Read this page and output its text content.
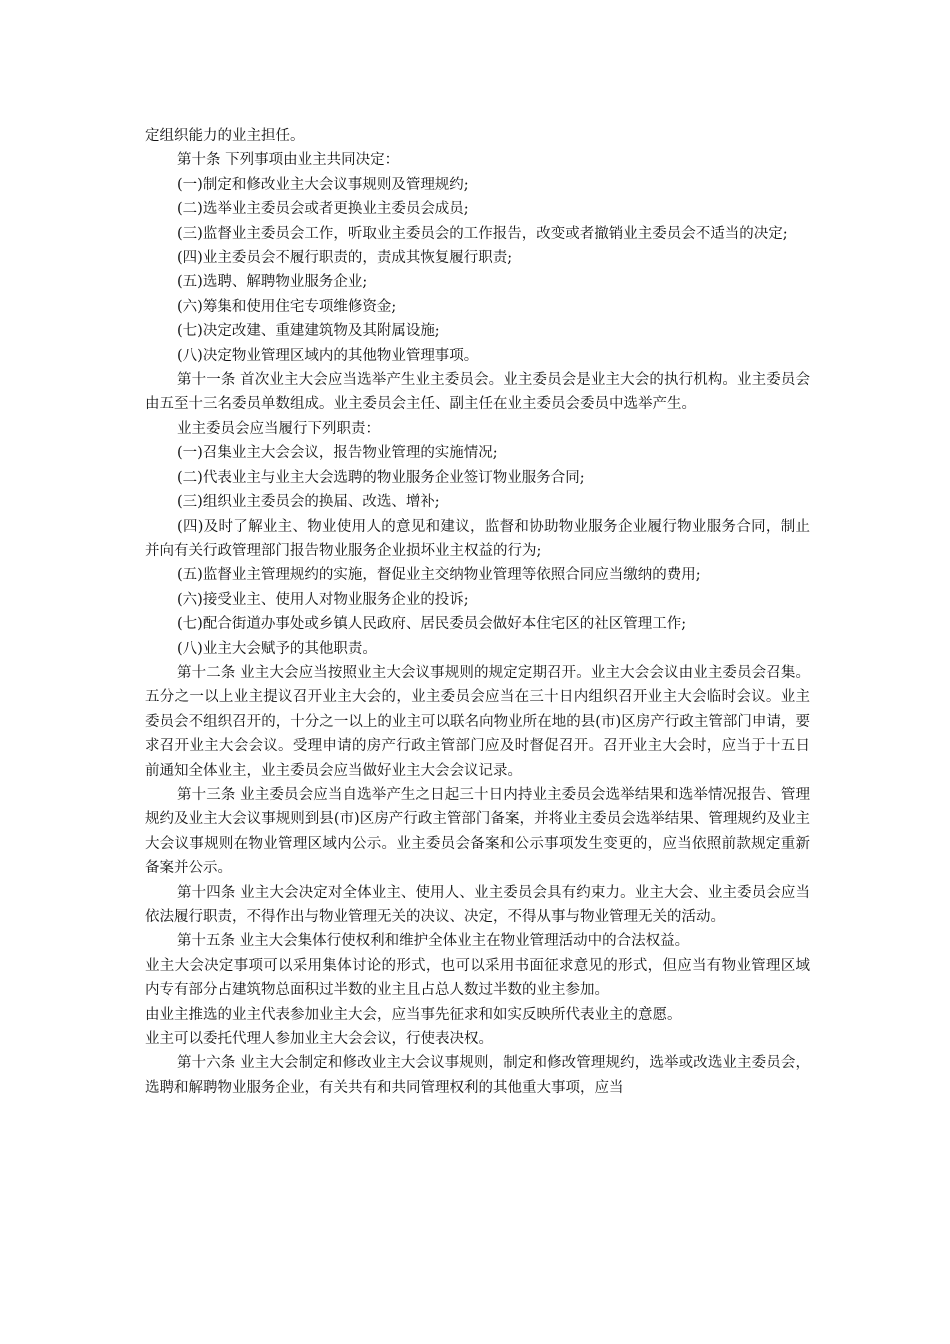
定组织能力的业主担任。

第十条 下列事项由业主共同决定：

(一)制定和修改业主大会议事规则及管理规约;

(二)选举业主委员会或者更换业主委员会成员;

(三)监督业主委员会工作，听取业主委员会的工作报告，改变或者撤销业主委员会不适当的决定;

(四)业主委员会不履行职责的，责成其恢复履行职责;

(五)选聘、解聘物业服务企业;

(六)筹集和使用住宅专项维修资金;

(七)决定改建、重建建筑物及其附属设施;

(八)决定物业管理区域内的其他物业管理事项。

第十一条 首次业主大会应当选举产生业主委员会。业主委员会是业主大会的执行机构。业主委员会由五至十三名委员单数组成。业主委员会主任、副主任在业主委员会委员中选举产生。

业主委员会应当履行下列职责：

(一)召集业主大会会议，报告物业管理的实施情况;

(二)代表业主与业主大会选聘的物业服务企业签订物业服务合同;

(三)组织业主委员会的换届、改选、增补;

(四)及时了解业主、物业使用人的意见和建议，监督和协助物业服务企业履行物业服务合同，制止并向有关行政管理部门报告物业服务企业损坏业主权益的行为;

(五)监督业主管理规约的实施，督促业主交纳物业管理等依照合同应当缴纳的费用;

(六)接受业主、使用人对物业服务企业的投诉;

(七)配合街道办事处或乡镇人民政府、居民委员会做好本住宅区的社区管理工作;

(八)业主大会赋予的其他职责。

第十二条 业主大会应当按照业主大会议事规则的规定定期召开。业主大会会议由业主委员会召集。五分之一以上业主提议召开业主大会的，业主委员会应当在三十日内组织召开业主大会临时会议。业主委员会不组织召开的，十分之一以上的业主可以联名向物业所在地的县(市)区房产行政主管部门申请，要求召开业主大会会议。受理申请的房产行政主管部门应及时督促召开。召开业主大会时，应当于十五日前通知全体业主，业主委员会应当做好业主大会会议记录。

第十三条 业主委员会应当自选举产生之日起三十日内持业主委员会选举结果和选举情况报告、管理规约及业主大会议事规则到县(市)区房产行政主管部门备案，并将业主委员会选举结果、管理规约及业主大会议事规则在物业管理区域内公示。业主委员会备案和公示事项发生变更的，应当依照前款规定重新备案并公示。

第十四条 业主大会决定对全体业主、使用人、业主委员会具有约束力。业主大会、业主委员会应当依法履行职责，不得作出与物业管理无关的决议、决定，不得从事与物业管理无关的活动。

第十五条 业主大会集体行使权利和维护全体业主在物业管理活动中的合法权益。

业主大会决定事项可以采用集体讨论的形式，也可以采用书面征求意见的形式，但应当有物业管理区域内专有部分占建筑物总面积过半数的业主且占总人数过半数的业主参加。

由业主推选的业主代表参加业主大会，应当事先征求和如实反映所代表业主的意愿。

业主可以委托代理人参加业主大会会议，行使表决权。

第十六条 业主大会制定和修改业主大会议事规则，制定和修改管理规约，选举或改选业主委员会，选聘和解聘物业服务企业，有关共有和共同管理权利的其他重大事项，应当
